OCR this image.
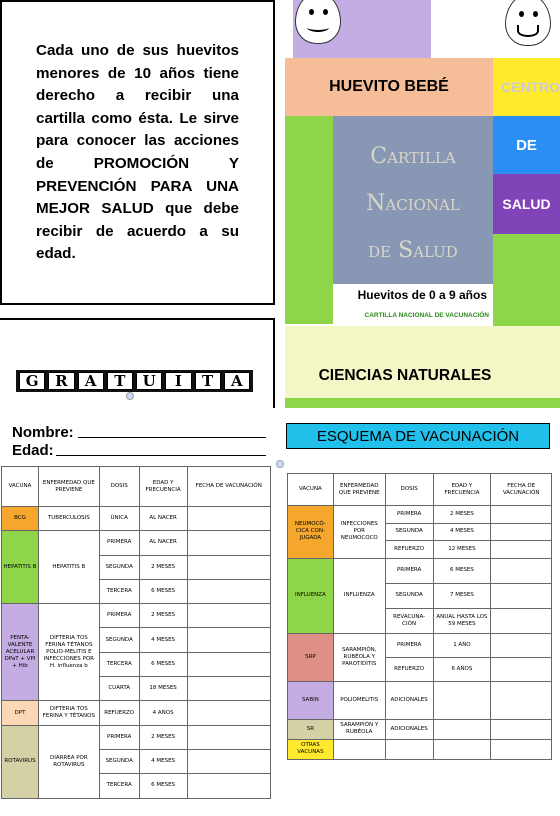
Cada uno de sus huevitos menores de 10 años tiene derecho a recibir una cartilla como ésta. Le sirve para conocer las acciones de PROMOCIÓN Y PREVENCIÓN PARA UNA MEJOR SALUD que debe recibir de acuerdo a su edad.

G	R	A	T	U	I	T	A
HUEVITO BEBÉ	CENTRO
Cartilla
Nacional
de Salud
DE
SALUD
Huevitos de 0 a 9 años
CARTILLA NACIONAL DE VACUNACIÓN
CIENCIAS NATURALES
Nombre:
Edad:
ESQUEMA DE VACUNACIÓN
VACUNA	ENFERMEDAD QUE PREVIENE	DOSIS	EDAD Y FRECUENCIA	FECHA DE VACUNACIÓN
BCG	TUBERCULOSIS	ÚNICA	AL NACER	
HEPATITIS B	HEPATITIS B	PRIMERA	AL NACER	
		SEGUNDA	2 MESES	
		TERCERA	6 MESES	
PENTA-VALENTE ACELULAR DPaT + VPI + Hib	DIFTERIA TOS FERINA TÉTANOS POLIO-MELITIS E INFECCIONES POR H. influenza b	PRIMERA	2 MESES	
		SEGUNDA	4 MESES	
		TERCERA	6 MESES	
		CUARTA	18 MESES	
DPT	DIFTERIA TOS FERINA Y TÉTANOS	REFUERZO	4 AÑOS	
ROTAVIRUS	DIARREA POR ROTAVIRUS	PRIMERA	2 MESES	
		SEGUNDA	4 MESES	
		TERCERA	6 MESES	
VACUNA	ENFERMEDAD QUE PREVIENE	DOSIS	EDAD Y FRECUENCIA	FECHA DE VACUNACIÓN
NEUMOCÓ-CICA CON-JUGADA	INFECCIONES POR NEUMOCOCO	PRIMERA	2 MESES	
		SEGUNDA	4 MESES	
		REFUERZO	12 MESES	
INFLUENZA	INFLUENZA	PRIMERA	6 MESES	
		SEGUNDA	7 MESES	
		REVACUNA-CIÓN	ANUAL HASTA LOS 59 MESES	
SRP	SARAMPIÓN, RUBÉOLA Y PAROTIDITIS	PRIMERA	1 AÑO	
		REFUERZO	6 AÑOS	
SABIN	POLIOMELITIS	ADICIONALES		
SR	SARAMPIÓN Y RUBÉOLA	ADICIONALES		
OTRAS VACUNAS				
